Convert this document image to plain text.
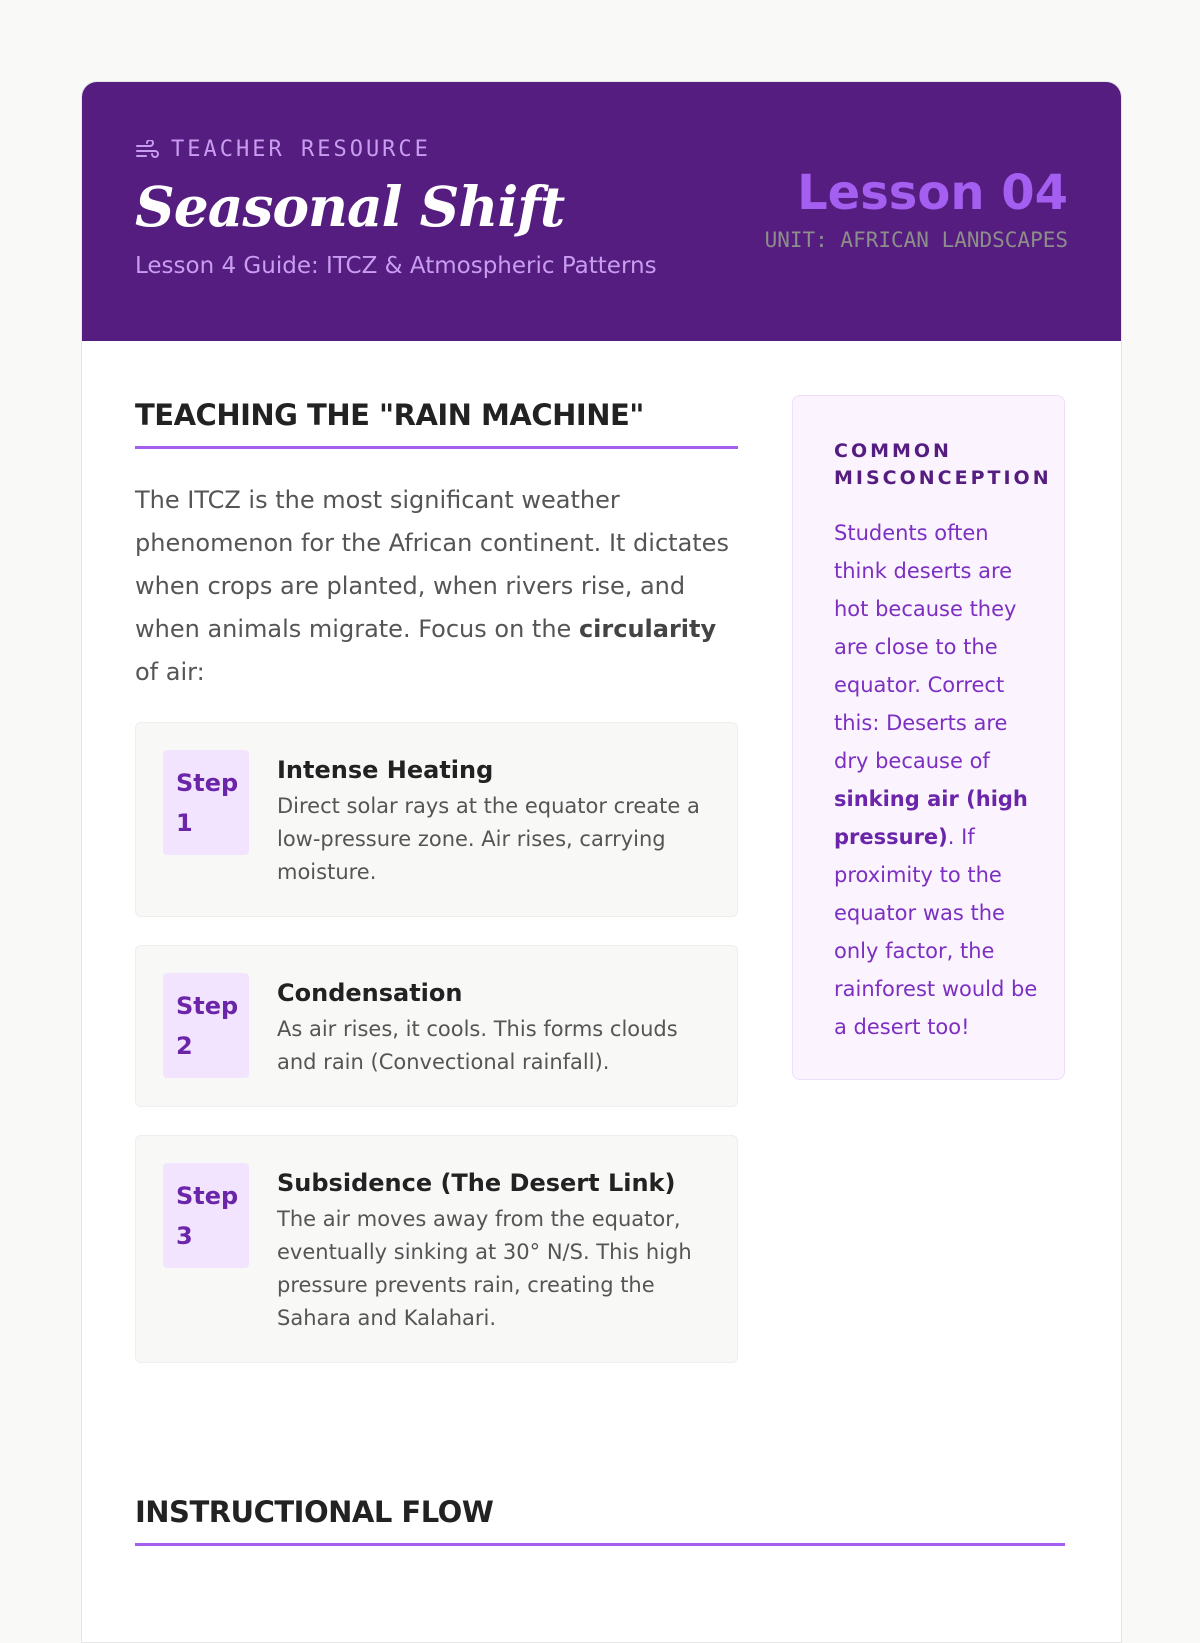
TEACHER RESOURCE
Seasonal Shift
Lesson 4 Guide: ITCZ & Atmospheric Patterns
Lesson 04
UNIT: AFRICAN LANDSCAPES
TEACHING THE "RAIN MACHINE"
The ITCZ is the most significant weather phenomenon for the African continent. It dictates when crops are planted, when rivers rise, and when animals migrate. Focus on the circularity of air:
Step
1
Intense Heating
Direct solar rays at the equator create a low-pressure zone. Air rises, carrying moisture.
Step
2
Condensation
As air rises, it cools. This forms clouds and rain (Convectional rainfall).
Step
3
Subsidence (The Desert Link)
The air moves away from the equator, eventually sinking at 30° N/S. This high pressure prevents rain, creating the Sahara and Kalahari.
COMMON MISCONCEPTION
Students often think deserts are hot because they are close to the equator. Correct this: Deserts are dry because of sinking air (high pressure). If proximity to the equator was the only factor, the rainforest would be a desert too!
INSTRUCTIONAL FLOW
